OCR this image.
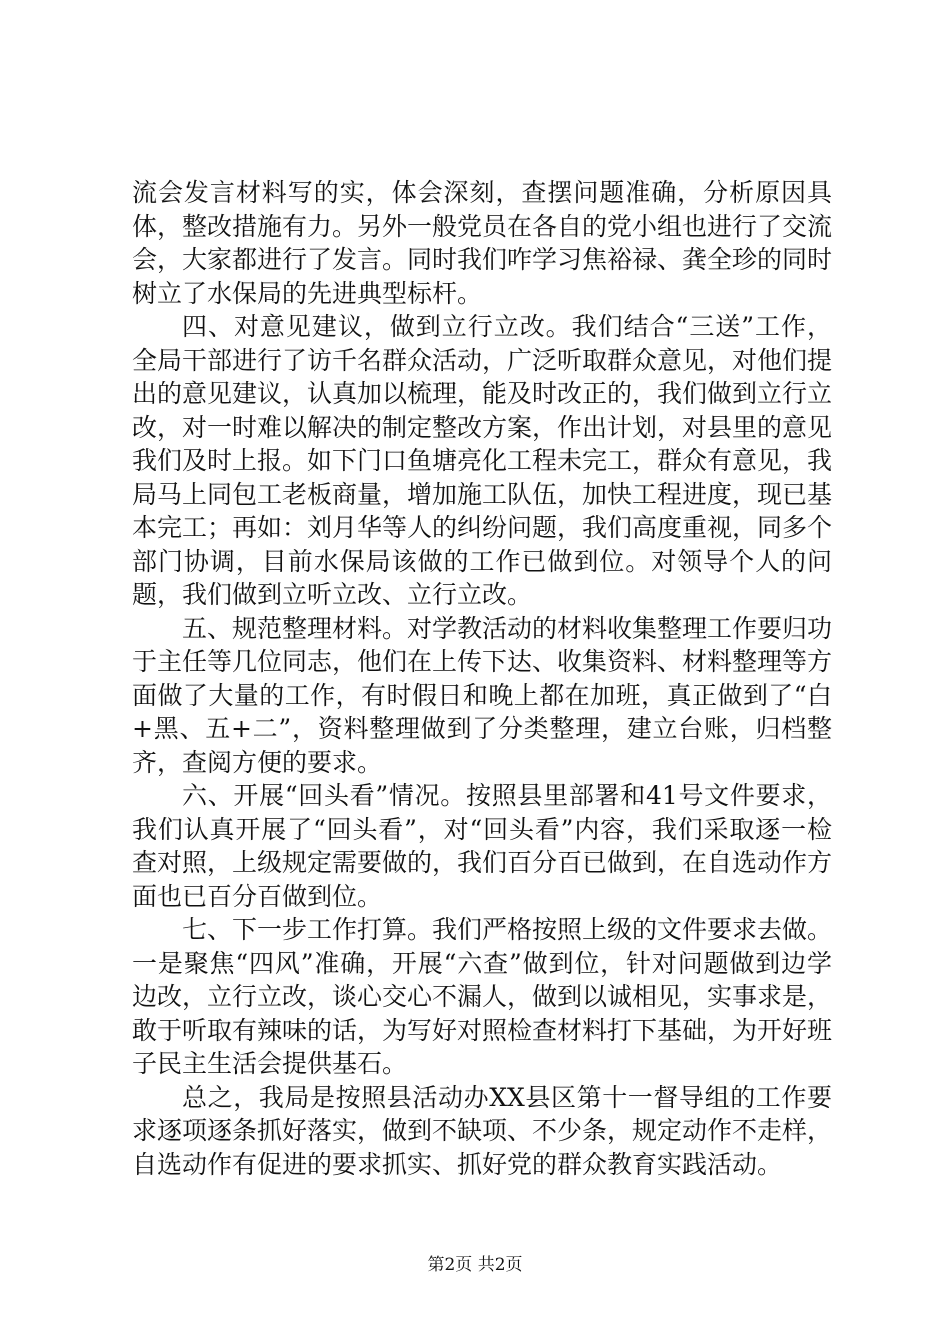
流会发言材料写的实，体会深刻，查摆问题准确，分析原因具体，整改措施有力。另外一般党员在各自的党小组也进行了交流会，大家都进行了发言。同时我们咋学习焦裕禄、龚全珍的同时树立了水保局的先进典型标杆。

四、对意见建议，做到立行立改。我们结合“三送”工作，全局干部进行了访千名群众活动，广泛听取群众意见，对他们提出的意见建议，认真加以梳理，能及时改正的，我们做到立行立改，对一时难以解决的制定整改方案，作出计划，对县里的意见我们及时上报。如下门口鱼塘亮化工程未完工，群众有意见，我局马上同包工老板商量，增加施工队伍，加快工程进度，现已基本完工；再如：刘月华等人的纠纷问题，我们高度重视，同多个部门协调，目前水保局该做的工作已做到位。对领导个人的问题，我们做到立听立改、立行立改。

五、规范整理材料。对学教活动的材料收集整理工作要归功于主任等几位同志，他们在上传下达、收集资料、材料整理等方面做了大量的工作，有时假日和晚上都在加班，真正做到了“白+黑、五+二”，资料整理做到了分类整理，建立台账，归档整齐，查阅方便的要求。

六、开展“回头看”情况。按照县里部署和41号文件要求，我们认真开展了“回头看”，对“回头看”内容，我们采取逐一检查对照，上级规定需要做的，我们百分百已做到，在自选动作方面也已百分百做到位。

七、下一步工作打算。我们严格按照上级的文件要求去做。一是聚焦“四风”准确，开展“六查”做到位，针对问题做到边学边改，立行立改，谈心交心不漏人，做到以诚相见，实事求是，敢于听取有辣味的话，为写好对照检查材料打下基础，为开好班子民主生活会提供基石。

总之，我局是按照县活动办XX县区第十一督导组的工作要求逐项逐条抓好落实，做到不缺项、不少条，规定动作不走样，自选动作有促进的要求抓实、抓好党的群众教育实践活动。

第2页 共2页
